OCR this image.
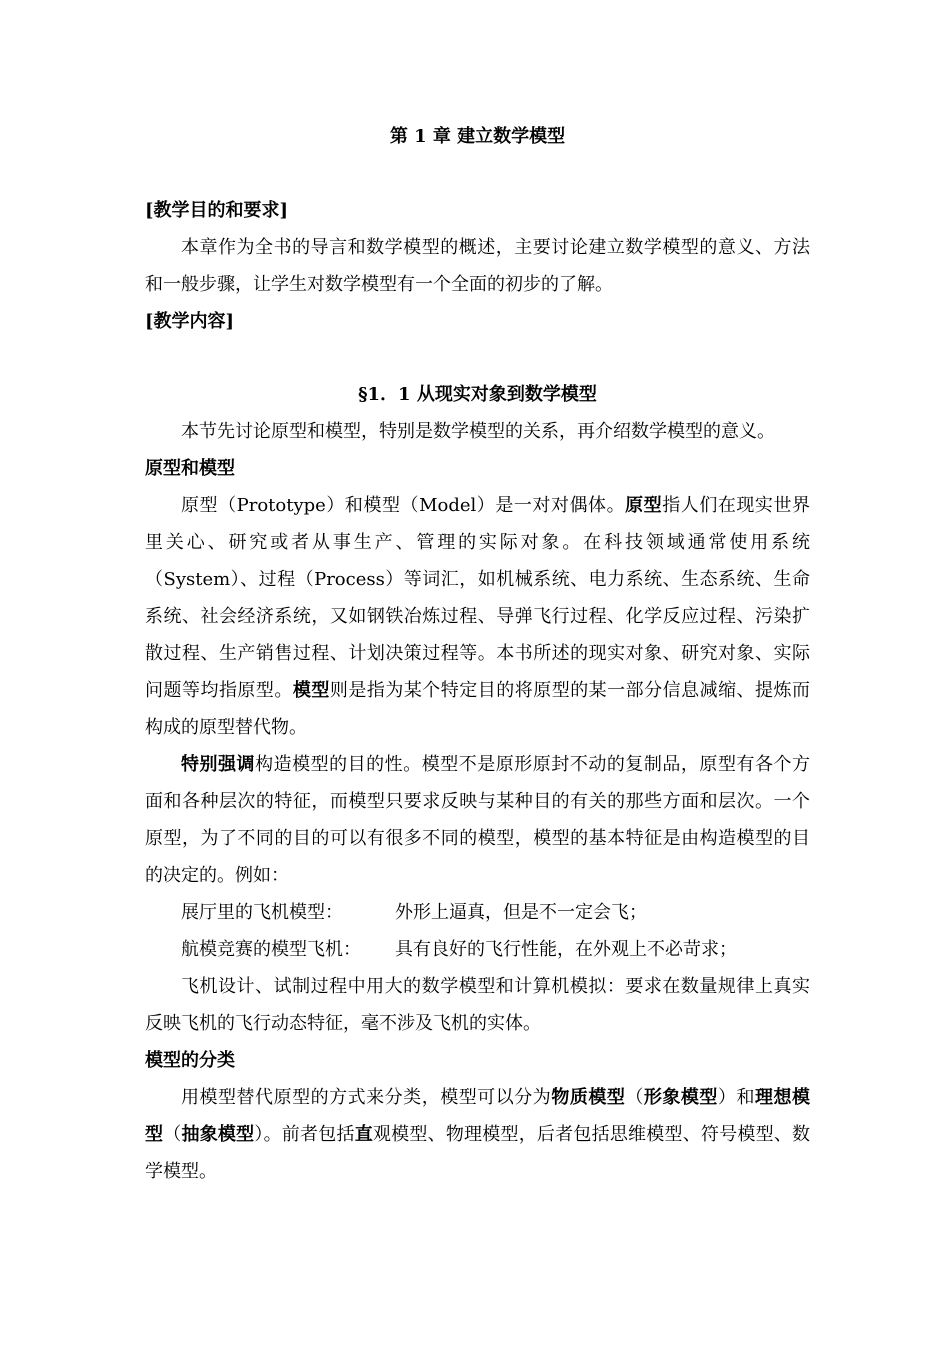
第 1 章 建立数学模型
[教学目的和要求]

本章作为全书的导言和数学模型的概述，主要讨论建立数学模型的意义、方法和一般步骤，让学生对数学模型有一个全面的初步的了解。

[教学内容]
§1．1 从现实对象到数学模型

本节先讨论原型和模型，特别是数学模型的关系，再介绍数学模型的意义。

原型和模型

原型（Prototype）和模型（Model）是一对对偶体。原型指人们在现实世界里关心、研究或者从事生产、管理的实际对象。在科技领域通常使用系统（System）、过程（Process）等词汇，如机械系统、电力系统、生态系统、生命系统、社会经济系统，又如钢铁冶炼过程、导弹飞行过程、化学反应过程、污染扩散过程、生产销售过程、计划决策过程等。本书所述的现实对象、研究对象、实际问题等均指原型。模型则是指为某个特定目的将原型的某一部分信息减缩、提炼而构成的原型替代物。

特别强调构造模型的目的性。模型不是原形原封不动的复制品，原型有各个方面和各种层次的特征，而模型只要求反映与某种目的有关的那些方面和层次。一个原型，为了不同的目的可以有很多不同的模型，模型的基本特征是由构造模型的目的决定的。例如：

展厅里的飞机模型：	外形上逼真，但是不一定会飞；
航模竞赛的模型飞机：	具有良好的飞行性能，在外观上不必苛求；

飞机设计、试制过程中用大的数学模型和计算机模拟：要求在数量规律上真实反映飞机的飞行动态特征，毫不涉及飞机的实体。

模型的分类

用模型替代原型的方式来分类，模型可以分为物质模型（形象模型）和理想模型（抽象模型）。前者包括直观模型、物理模型，后者包括思维模型、符号模型、数学模型。
